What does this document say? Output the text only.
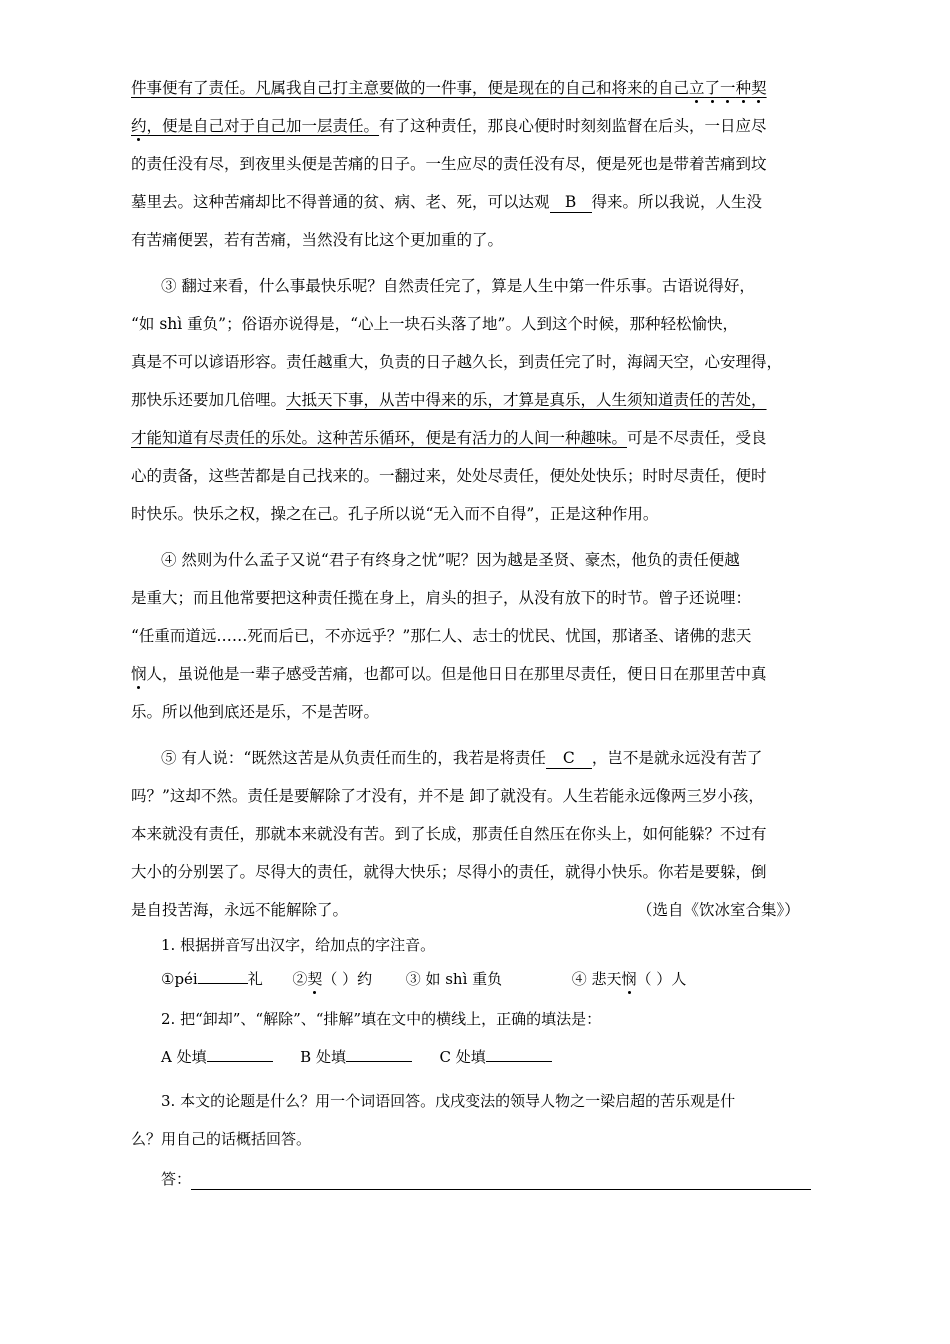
件事便有了责任。凡属我自己打主意要做的一件事，便是现在的自己和将来的自己立了一种契
约，便是自己对于自己加一层责任。有了这种责任，那良心便时时刻刻监督在后头，一日应尽
的责任没有尽，到夜里头便是苦痛的日子。一生应尽的责任没有尽，便是死也是带着苦痛到坟
墓里去。这种苦痛却比不得普通的贫、病、老、死，可以达观 B 得来。所以我说，人生没
有苦痛便罢，若有苦痛，当然没有比这个更加重的了。
③ 翻过来看，什么事最快乐呢？自然责任完了，算是人生中第一件乐事。古语说得好，
“如 shì 重负”；俗语亦说得是，“心上一块石头落了地”。人到这个时候，那种轻松愉快，
真是不可以谚语形容。责任越重大，负责的日子越久长，到责任完了时，海阔天空，心安理得，
那快乐还要加几倍哩。大抵天下事，从苦中得来的乐，才算是真乐，人生须知道责任的苦处，
才能知道有尽责任的乐处。这种苦乐循环，便是有活力的人间一种趣味。可是不尽责任，受良
心的责备，这些苦都是自己找来的。一翻过来，处处尽责任，便处处快乐；时时尽责任，便时
时快乐。快乐之权，操之在己。孔子所以说“无入而不自得”，正是这种作用。
④ 然则为什么孟子又说“君子有终身之忧”呢？因为越是圣贤、豪杰，他负的责任便越
是重大；而且他常要把这种责任揽在身上，肩头的担子，从没有放下的时节。曾子还说哩：
“任重而道远……死而后已，不亦远乎？”那仁人、志士的忧民、忧国，那诸圣、诸佛的悲天
悯人，虽说他是一辈子感受苦痛，也都可以。但是他日日在那里尽责任，便日日在那里苦中真
乐。所以他到底还是乐，不是苦呀。
⑤ 有人说：“既然这苦是从负责任而生的，我若是将责任 C ，岂不是就永远没有苦了
吗？”这却不然。责任是要解除了才没有，并不是 卸了就没有。人生若能永远像两三岁小孩，
本来就没有责任，那就本来就没有苦。到了长成，那责任自然压在你头上，如何能躲？不过有
大小的分别罢了。尽得大的责任，就得大快乐；尽得小的责任，就得小快乐。你若是要躲，倒
是自投苦海，永远不能解除了。	（选自《饮冰室合集》）
1. 根据拼音写出汉字，给加点的字注音。
①péi	礼 ②契（ ）约 ③ 如 shì 重负	④ 悲天悯（ ）人
2. 把“卸却”、“解除”、“排解”填在文中的横线上，正确的填法是：
A 处填	B 处填	C 处填
3. 本文的论题是什么？用一个词语回答。戊戌变法的领导人物之一梁启超的苦乐观是什
么？用自己的话概括回答。
答：
